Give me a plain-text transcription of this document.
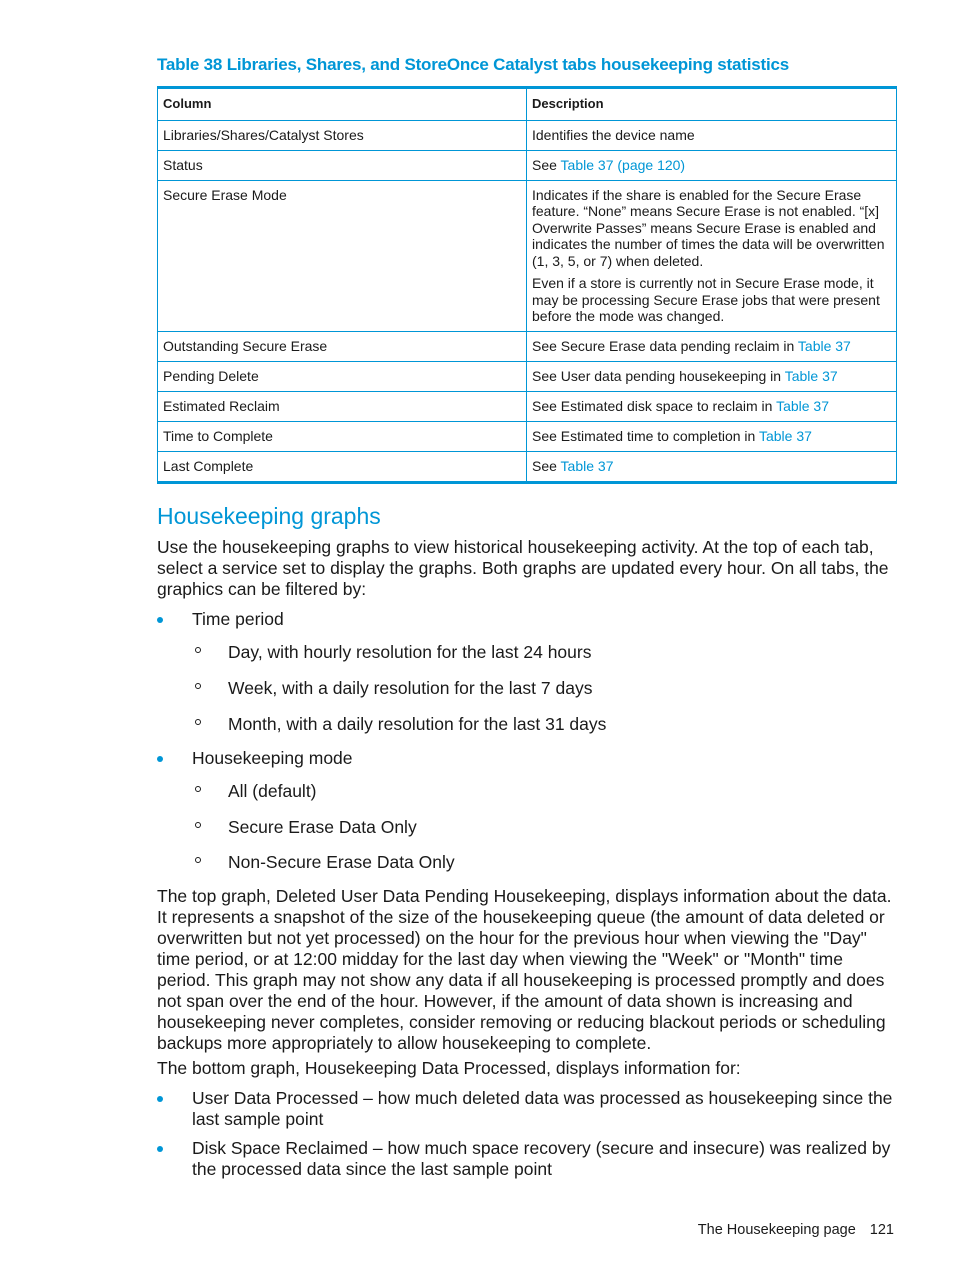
Table 38 Libraries, Shares, and StoreOnce Catalyst tabs housekeeping statistics
Column	Description
Libraries/Shares/Catalyst Stores	Identifies the device name
Status	See Table 37 (page 120)
Secure Erase Mode	Indicates if the share is enabled for the Secure Erase feature. “None” means Secure Erase is not enabled. “[x] Overwrite Passes” means Secure Erase is enabled and indicates the number of times the data will be overwritten (1, 3, 5, or 7) when deleted.

Even if a store is currently not in Secure Erase mode, it may be processing Secure Erase jobs that were present before the mode was changed.

Outstanding Secure Erase	See Secure Erase data pending reclaim in Table 37
Pending Delete	See User data pending housekeeping in Table 37
Estimated Reclaim	See Estimated disk space to reclaim in Table 37
Time to Complete	See Estimated time to completion in Table 37
Last Complete	See Table 37
Housekeeping graphs

Use the housekeeping graphs to view historical housekeeping activity. At the top of each tab, select a service set to display the graphs. Both graphs are updated every hour. On all tabs, the graphics can be filtered by:

Time period
Day, with hourly resolution for the last 24 hours
Week, with a daily resolution for the last 7 days
Month, with a daily resolution for the last 31 days
Housekeeping mode
All (default)
Secure Erase Data Only
Non-Secure Erase Data Only

The top graph, Deleted User Data Pending Housekeeping, displays information about the data. It represents a snapshot of the size of the housekeeping queue (the amount of data deleted or overwritten but not yet processed) on the hour for the previous hour when viewing the "Day" time period, or at 12:00 midday for the last day when viewing the "Week" or "Month" time period. This graph may not show any data if all housekeeping is processed promptly and does not span over the end of the hour. However, if the amount of data shown is increasing and housekeeping never completes, consider removing or reducing blackout periods or scheduling backups more appropriately to allow housekeeping to complete.

The bottom graph, Housekeeping Data Processed, displays information for:

User Data Processed – how much deleted data was processed as housekeeping since the last sample point
Disk Space Reclaimed – how much space recovery (secure and insecure) was realized by the processed data since the last sample point
The Housekeeping page 121
